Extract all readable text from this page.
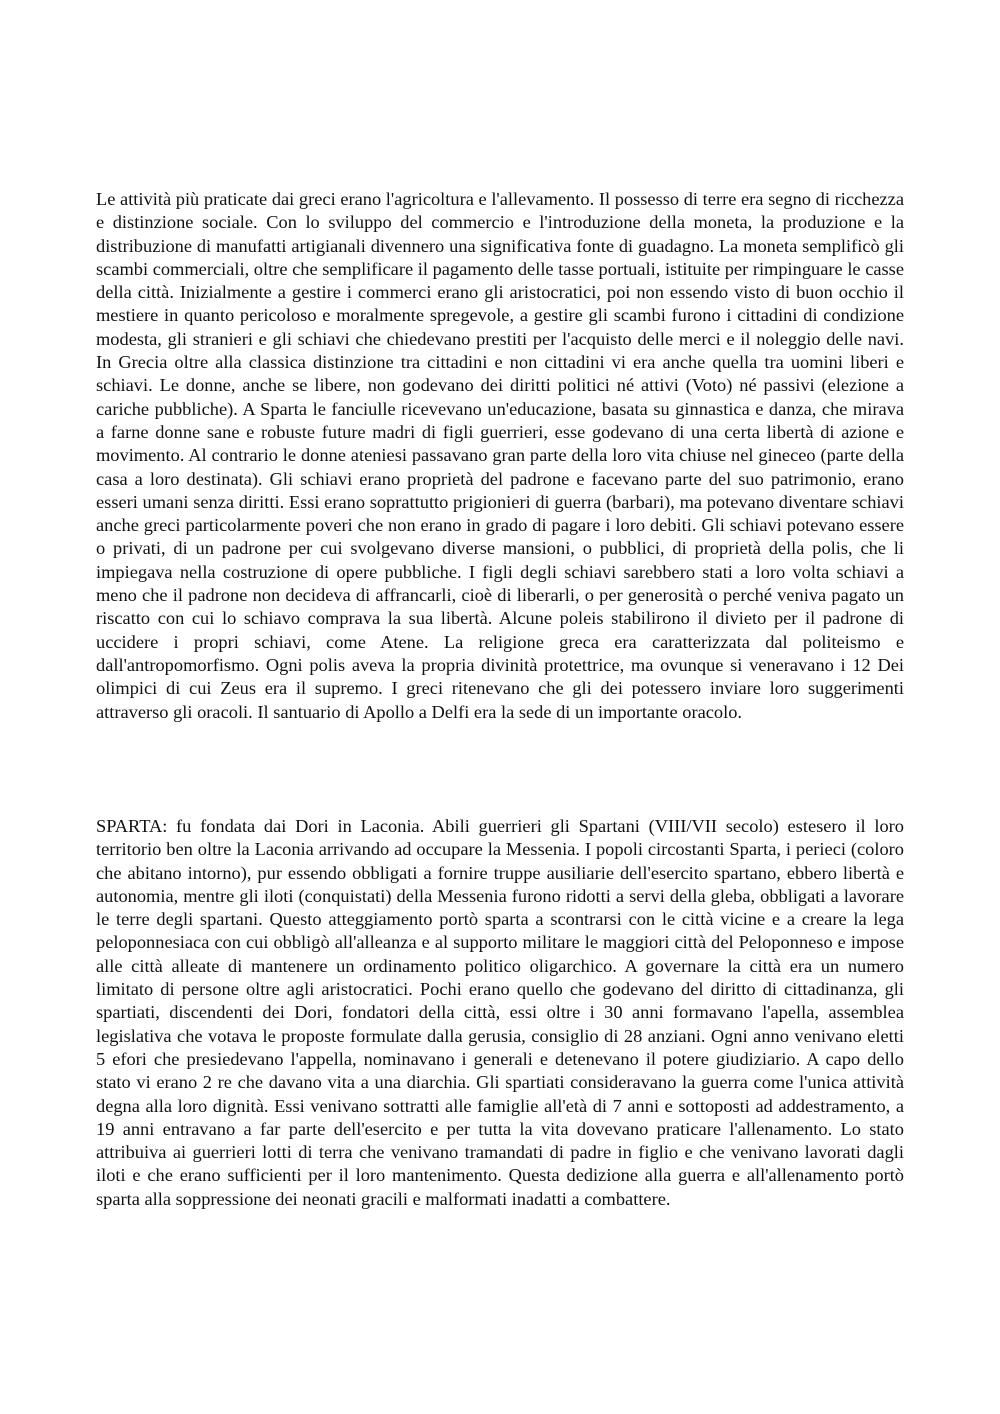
Le attività più praticate dai greci erano l'agricoltura e l'allevamento. Il possesso di terre era segno di ricchezza e distinzione sociale. Con lo sviluppo del commercio e l'introduzione della moneta, la produzione e la distribuzione di manufatti artigianali divennero una significativa fonte di guadagno. La moneta semplificò gli scambi commerciali, oltre che semplificare il pagamento delle tasse portuali, istituite per rimpinguare le casse della città. Inizialmente a gestire i commerci erano gli aristocratici, poi non essendo visto di buon occhio il mestiere in quanto pericoloso e moralmente spregevole, a gestire gli scambi furono i cittadini di condizione modesta, gli stranieri e gli schiavi che chiedevano prestiti per l'acquisto delle merci e il noleggio delle navi. In Grecia oltre alla classica distinzione tra cittadini e non cittadini vi era anche quella tra uomini liberi e schiavi. Le donne, anche se libere, non godevano dei diritti politici né attivi (Voto) né passivi (elezione a cariche pubbliche). A Sparta le fanciulle ricevevano un'educazione, basata su ginnastica e danza, che mirava a farne donne sane e robuste future madri di figli guerrieri, esse godevano di una certa libertà di azione e movimento. Al contrario le donne ateniesi passavano gran parte della loro vita chiuse nel gineceo (parte della casa a loro destinata). Gli schiavi erano proprietà del padrone e facevano parte del suo patrimonio, erano esseri umani senza diritti. Essi erano soprattutto prigionieri di guerra (barbari), ma potevano diventare schiavi anche greci particolarmente poveri che non erano in grado di pagare i loro debiti. Gli schiavi potevano essere o privati, di un padrone per cui svolgevano diverse mansioni, o pubblici, di proprietà della polis, che li impiegava nella costruzione di opere pubbliche. I figli degli schiavi sarebbero stati a loro volta schiavi a meno che il padrone non decideva di affrancarli, cioè di liberarli, o per generosità o perché veniva pagato un riscatto con cui lo schiavo comprava la sua libertà. Alcune poleis stabilirono il divieto per il padrone di uccidere i propri schiavi, come Atene. La religione greca era caratterizzata dal politeismo e dall'antropomorfismo. Ogni polis aveva la propria divinità protettrice, ma ovunque si veneravano i 12 Dei olimpici di cui Zeus era il supremo. I greci ritenevano che gli dei potessero inviare loro suggerimenti attraverso gli oracoli. Il santuario di Apollo a Delfi era la sede di un importante oracolo.

SPARTA: fu fondata dai Dori in Laconia. Abili guerrieri gli Spartani (VIII/VII secolo) estesero il loro territorio ben oltre la Laconia arrivando ad occupare la Messenia. I popoli circostanti Sparta, i perieci (coloro che abitano intorno), pur essendo obbligati a fornire truppe ausiliarie dell'esercito spartano, ebbero libertà e autonomia, mentre gli iloti (conquistati) della Messenia furono ridotti a servi della gleba, obbligati a lavorare le terre degli spartani. Questo atteggiamento portò sparta a scontrarsi con le città vicine e a creare la lega peloponnesiaca con cui obbligò all'alleanza e al supporto militare le maggiori città del Peloponneso e impose alle città alleate di mantenere un ordinamento politico oligarchico. A governare la città era un numero limitato di persone oltre agli aristocratici. Pochi erano quello che godevano del diritto di cittadinanza, gli spartiati, discendenti dei Dori, fondatori della città, essi oltre i 30 anni formavano l'apella, assemblea legislativa che votava le proposte formulate dalla gerusia, consiglio di 28 anziani. Ogni anno venivano eletti 5 efori che presiedevano l'appella, nominavano i generali e detenevano il potere giudiziario. A capo dello stato vi erano 2 re che davano vita a una diarchia. Gli spartiati consideravano la guerra come l'unica attività degna alla loro dignità. Essi venivano sottratti alle famiglie all'età di 7 anni e sottoposti ad addestramento, a 19 anni entravano a far parte dell'esercito e per tutta la vita dovevano praticare l'allenamento. Lo stato attribuiva ai guerrieri lotti di terra che venivano tramandati di padre in figlio e che venivano lavorati dagli iloti e che erano sufficienti per il loro mantenimento. Questa dedizione alla guerra e all'allenamento portò sparta alla soppressione dei neonati gracili e malformati inadatti a combattere.
